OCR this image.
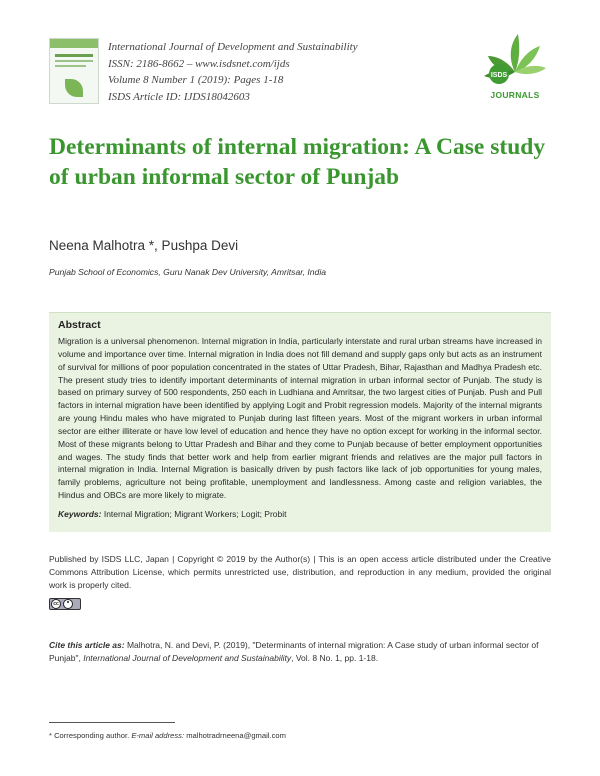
International Journal of Development and Sustainability
ISSN: 2186-8662 – www.isdsnet.com/ijds
Volume 8 Number 1 (2019): Pages 1-18
ISDS Article ID: IJDS18042603
ISDS
JOURNALS
Determinants of internal migration: A Case study of urban informal sector of Punjab
Neena Malhotra *, Pushpa Devi
Punjab School of Economics, Guru Nanak Dev University, Amritsar, India
Abstract
Migration is a universal phenomenon. Internal migration in India, particularly interstate and rural urban streams have increased in volume and importance over time. Internal migration in India does not fill demand and supply gaps only but acts as an instrument of survival for millions of poor population concentrated in the states of Uttar Pradesh, Bihar, Rajasthan and Madhya Pradesh etc. The present study tries to identify important determinants of internal migration in urban informal sector of Punjab. The study is based on primary survey of 500 respondents, 250 each in Ludhiana and Amritsar, the two largest cities of Punjab. Push and Pull factors in internal migration have been identified by applying Logit and Probit regression models. Majority of the internal migrants are young Hindu males who have migrated to Punjab during last fifteen years. Most of the migrant workers in urban informal sector are either illiterate or have low level of education and hence they have no option except for working in the informal sector. Most of these migrants belong to Uttar Pradesh and Bihar and they come to Punjab because of better employment opportunities and wages. The study finds that better work and help from earlier migrant friends and relatives are the major pull factors in internal migration in India. Internal Migration is basically driven by push factors like lack of job opportunities for young males, family problems, agriculture not being profitable, unemployment and landlessness. Among caste and religion variables, the Hindus and OBCs are more likely to migrate.
Keywords: Internal Migration; Migrant Workers; Logit; Probit
Published by ISDS LLC, Japan | Copyright © 2019 by the Author(s) | This is an open access article distributed under the Creative Commons Attribution License, which permits unrestricted use, distribution, and reproduction in any medium, provided the original work is properly cited.
cc
Cite this article as: Malhotra, N. and Devi, P. (2019), "Determinants of internal migration: A Case study of urban informal sector of Punjab", International Journal of Development and Sustainability, Vol. 8 No. 1, pp. 1-18.
* Corresponding author. E-mail address: malhotradrneena@gmail.com
